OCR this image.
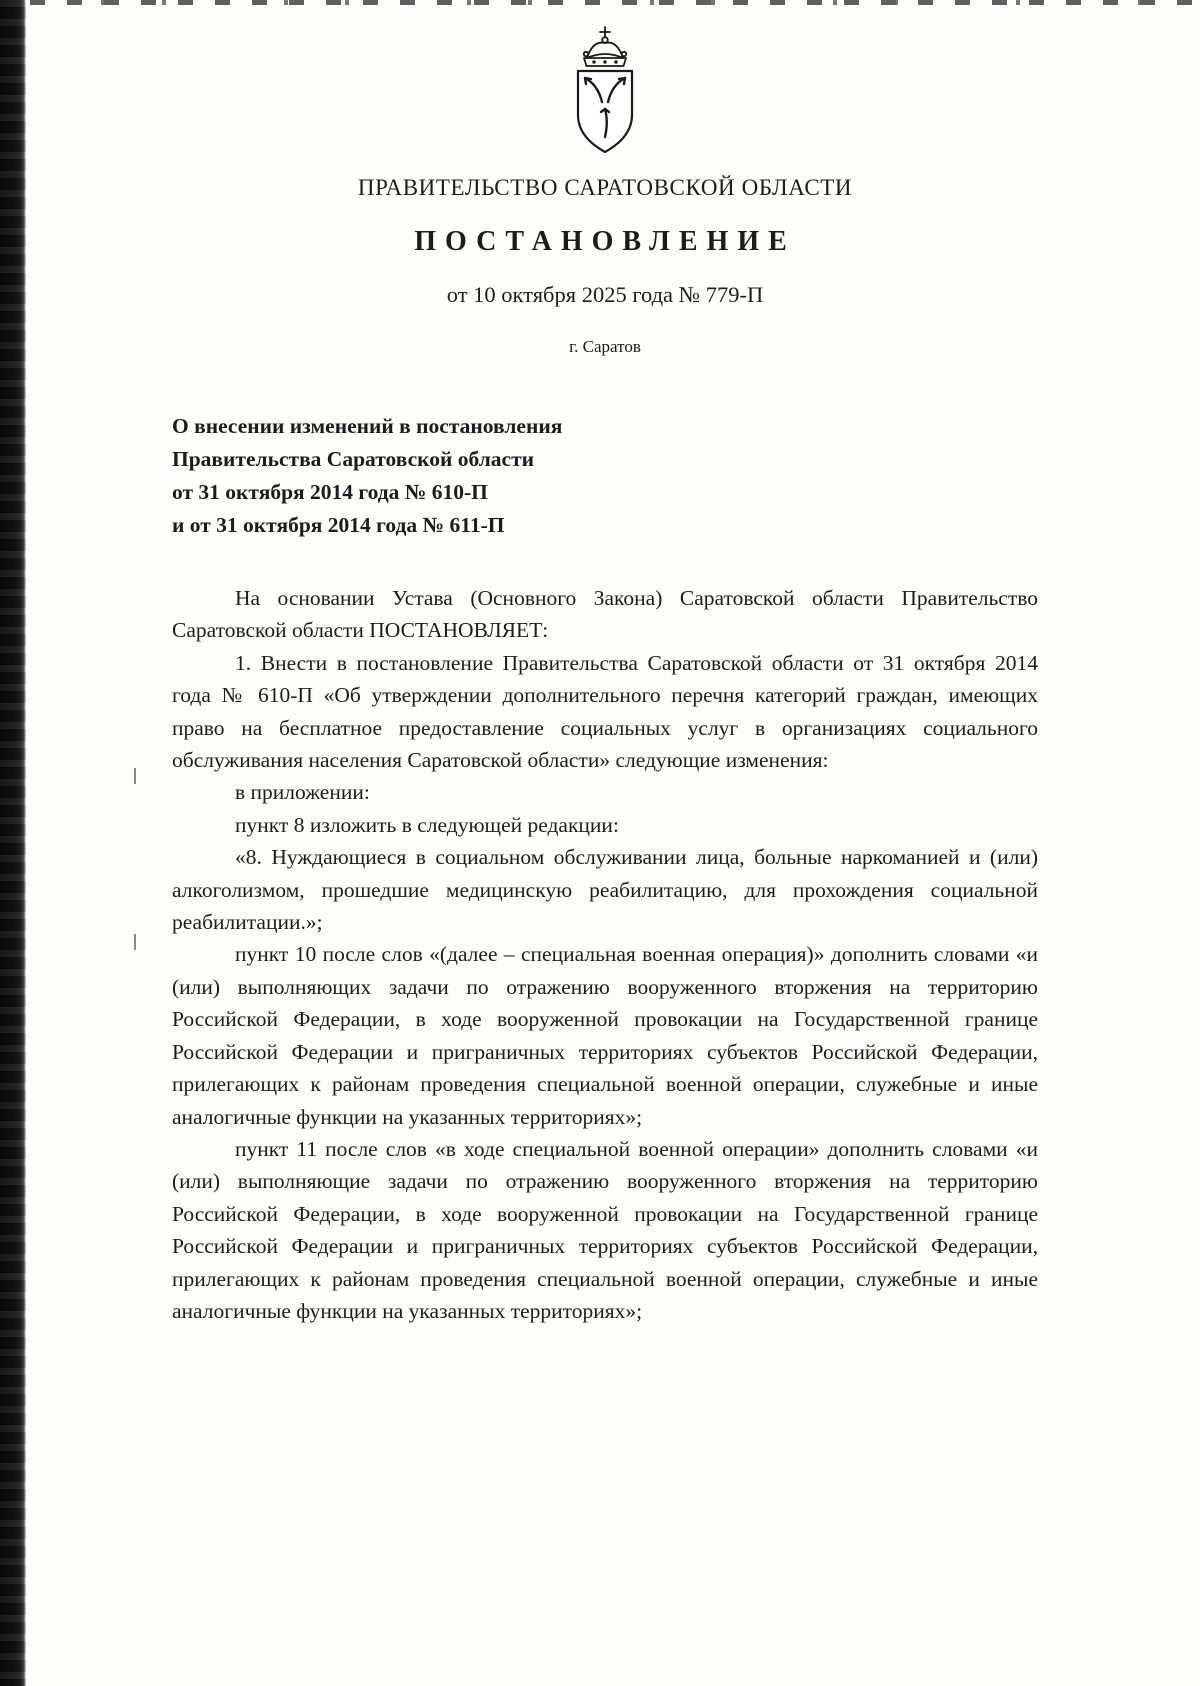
ПРАВИТЕЛЬСТВО САРАТОВСКОЙ ОБЛАСТИ
ПОСТАНОВЛЕНИЕ
от 10 октября 2025 года № 779-П
г. Саратов
О внесении изменений в постановления
Правительства Саратовской области
от 31 октября 2014 года № 610-П
и от 31 октября 2014 года № 611-П

На основании Устава (Основного Закона) Саратовской области Правительство Саратовской области ПОСТАНОВЛЯЕТ:

1. Внести в постановление Правительства Саратовской области от 31 октября 2014 года № 610-П «Об утверждении дополнительного перечня категорий граждан, имеющих право на бесплатное предоставление социальных услуг в организациях социального обслуживания населения Саратовской области» следующие изменения:

в приложении:

пункт 8 изложить в следующей редакции:

«8. Нуждающиеся в социальном обслуживании лица, больные наркоманией и (или) алкоголизмом, прошедшие медицинскую реабилитацию, для прохождения социальной реабилитации.»;

пункт 10 после слов «(далее – специальная военная операция)» дополнить словами «и (или) выполняющих задачи по отражению вооруженного вторжения на территорию Российской Федерации, в ходе вооруженной провокации на Государственной границе Российской Федерации и приграничных территориях субъектов Российской Федерации, прилегающих к районам проведения специальной военной операции, служебные и иные аналогичные функции на указанных территориях»;

пункт 11 после слов «в ходе специальной военной операции» дополнить словами «и (или) выполняющие задачи по отражению вооруженного вторжения на территорию Российской Федерации, в ходе вооруженной провокации на Государственной границе Российской Федерации и приграничных территориях субъектов Российской Федерации, прилегающих к районам проведения специальной военной операции, служебные и иные аналогичные функции на указанных территориях»;
